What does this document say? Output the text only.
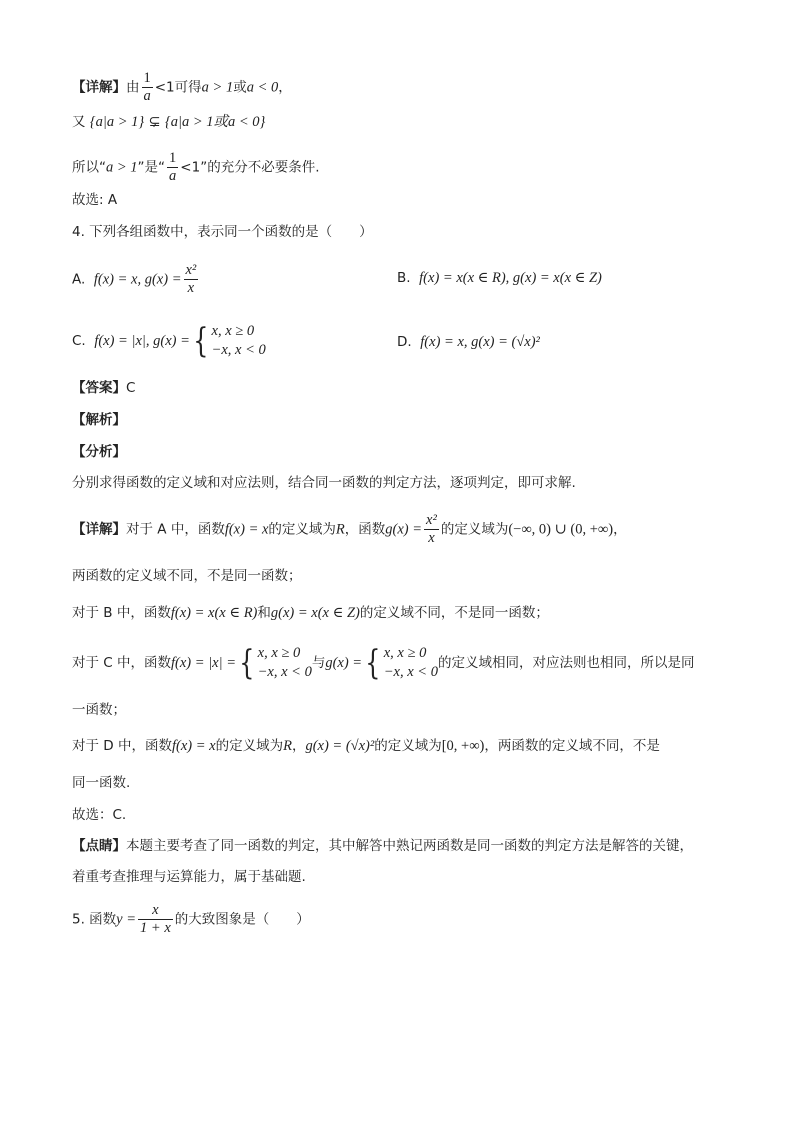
【详解】由 $\frac{1}{a} <1$可得a > 1或a < 0，
又 {a|a > 1} ⊊ {a|a > 1或a < 0}
所以“a > 1”是“ $\frac{1}{a} <1$”的充分不必要条件.
故选: A
4. 下列各组函数中，表示同一个函数的是（　　）
A. f(x) = x, $g(x) = \frac{\text{x²}}{x}$	B. f(x) = x(x ∈ R), g(x) = x(x ∈ Z)
C. f(x) = |x|, g(x) ={ x, x ≥ 0
−x, x < 0	D. f(x) = x, g(x) = (√x)²
【答案】C
【解析】
【分析】
分别求得函数的定义域和对应法则，结合同一函数的判定方法，逐项判定，即可求解.
【详解】对于 A 中，函数f(x) = x的定义域为R，函数$g(x) = \frac{\text{x²}}{x}$ 的定义域为(−∞, 0) ∪ (0, +∞)，
两函数的定义域不同，不是同一函数；
对于 B 中，函数f(x) = x(x ∈ R)和g(x) = x(x ∈ Z)的定义域不同，不是同一函数；
对于 C 中，函数f(x) = |x| ={ x, x ≥ 0
−x, x < 0
与g(x) ={ x, x ≥ 0
−x, x < 0
的定义域相同，对应法则也相同，所以是同
一函数；
对于 D 中，函数f(x) = x的定义域为R，g(x) = (√x)²的定义域为[0, +∞)，两函数的定义域不同，不是
同一函数.
故选：C.
【点睛】本题主要考查了同一函数的判定，其中解答中熟记两函数是同一函数的判定方法是解答的关键，
着重考查推理与运算能力，属于基础题.
5. 函数$y = \frac{x}{1 + x}$ 的大致图象是（　　）
